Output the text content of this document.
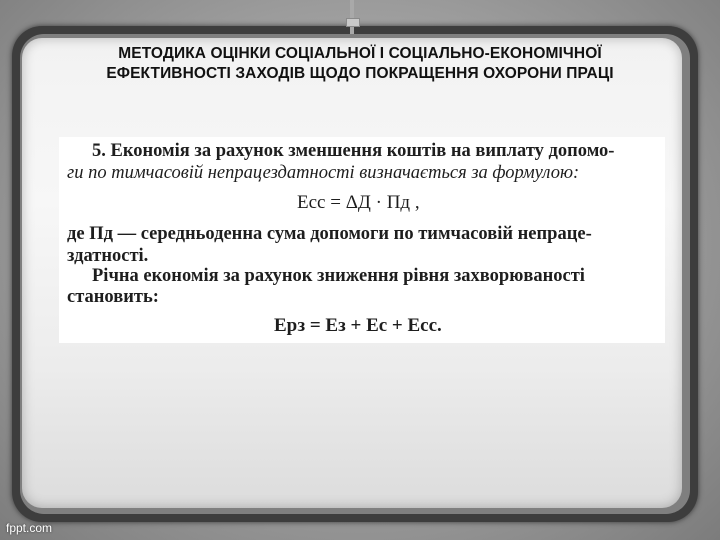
МЕТОДИКА ОЦІНКИ СОЦІАЛЬНОЇ І СОЦІАЛЬНО-ЕКОНОМІЧНОЇ
ЕФЕКТИВНОСТІ ЗАХОДІВ ЩОДО ПОКРАЩЕННЯ ОХОРОНИ ПРАЦІ
5. Економія за рахунок зменшення коштів на виплату допомо-
ги по тимчасовій непрацездатності визначається за формулою:
Есс = ΔД · Пд ,
де Пд — середньоденна сума допомоги по тимчасовій непраце-
здатності.
Річна економія за рахунок зниження рівня захворюваності
становить:
Ерз = Ез + Ес + Есс.
fppt.com
